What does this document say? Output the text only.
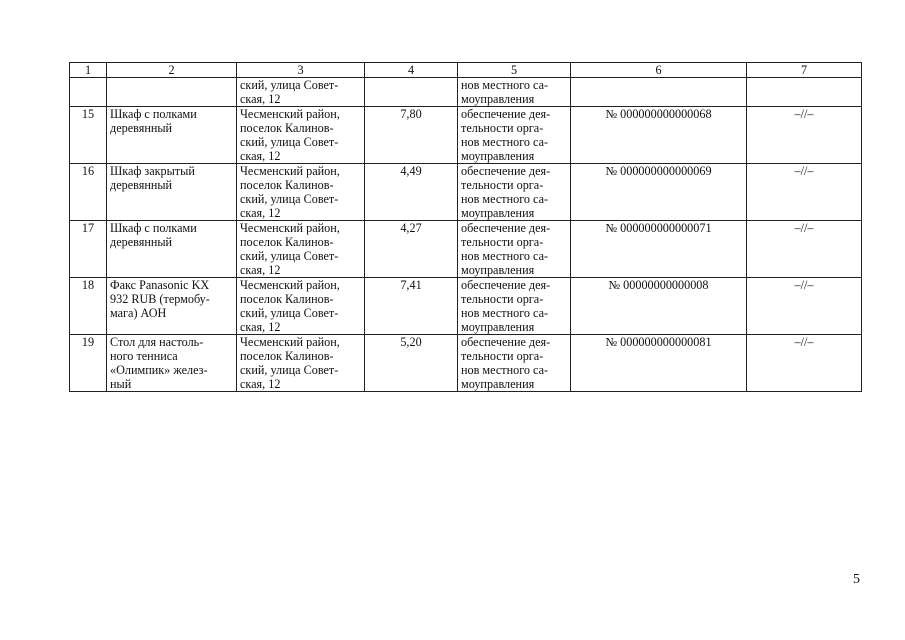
1	2	3	4	5	6	7

		ский, улица Совет-
ская, 12		нов местного са-
моуправления		

15	Шкаф с полками
деревянный	Чесменский район,
поселок Калинов-
ский, улица Совет-
ская, 12	7,80	обеспечение дея-
тельности орга-
нов местного са-
моуправления	№ 000000000000068	–//–

16	Шкаф закрытый
деревянный	Чесменский район,
поселок Калинов-
ский, улица Совет-
ская, 12	4,49	обеспечение дея-
тельности орга-
нов местного са-
моуправления	№ 000000000000069	–//–

17	Шкаф с полками
деревянный	Чесменский район,
поселок Калинов-
ский, улица Совет-
ская, 12	4,27	обеспечение дея-
тельности орга-
нов местного са-
моуправления	№ 000000000000071	–//–

18	Факс Panasonic KX
932 RUB (термобу-
мага) АОН	Чесменский район,
поселок Калинов-
ский, улица Совет-
ская, 12	7,41	обеспечение дея-
тельности орга-
нов местного са-
моуправления	№ 00000000000008	–//–

19	Стол для настоль-
ного тенниса
«Олимпик» желез-
ный	Чесменский район,
поселок Калинов-
ский, улица Совет-
ская, 12	5,20	обеспечение дея-
тельности орга-
нов местного са-
моуправления	№ 000000000000081	–//–
5
